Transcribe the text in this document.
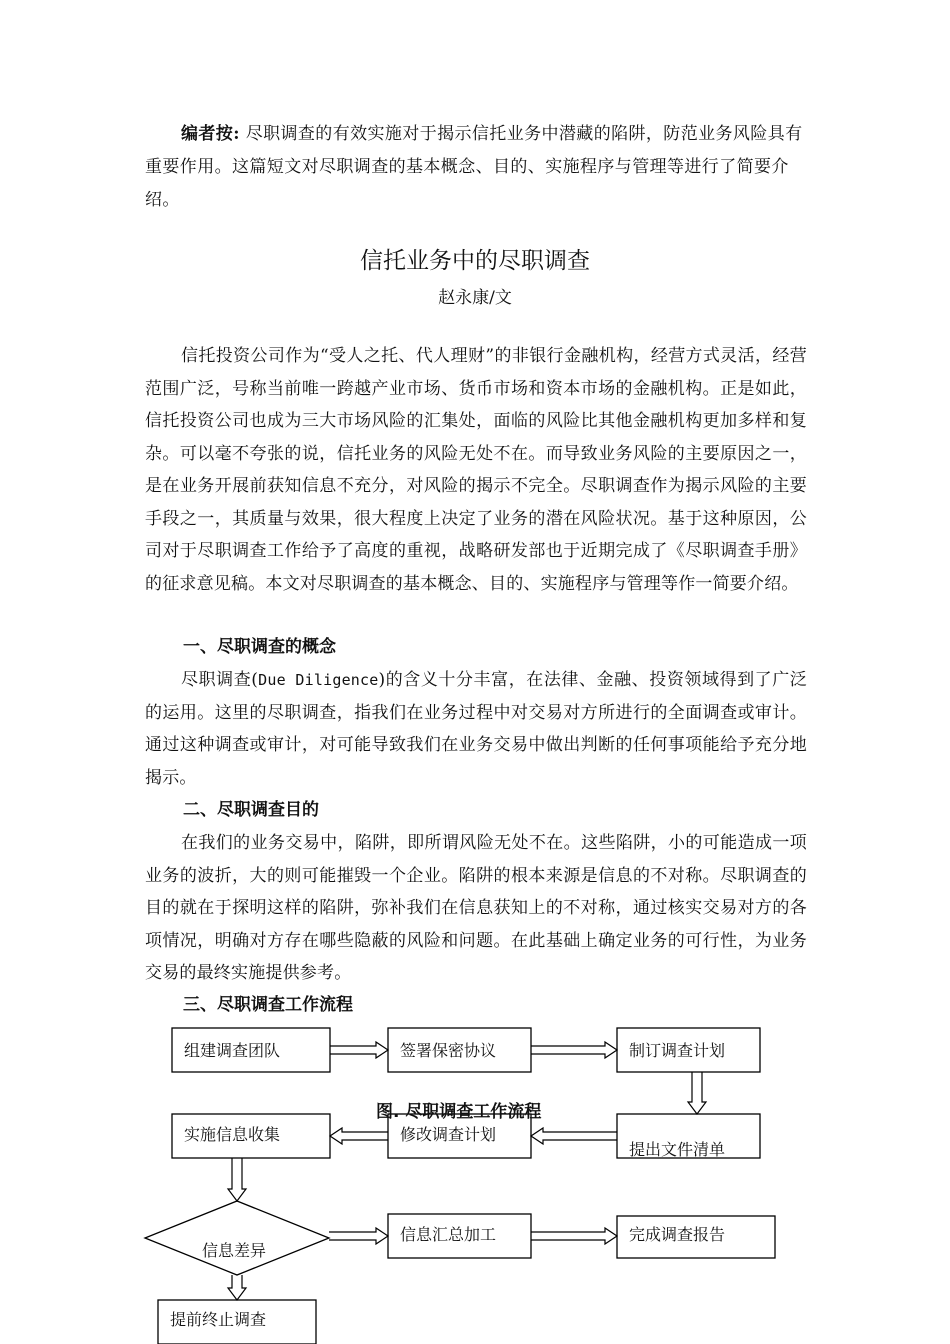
编者按: 尽职调查的有效实施对于揭示信托业务中潜藏的陷阱，防范业务风险具有重要作用。这篇短文对尽职调查的基本概念、目的、实施程序与管理等进行了简要介绍。
信托业务中的尽职调查
赵永康/文
信托投资公司作为“受人之托、代人理财”的非银行金融机构，经营方式灵活，经营范围广泛，号称当前唯一跨越产业市场、货币市场和资本市场的金融机构。正是如此，信托投资公司也成为三大市场风险的汇集处，面临的风险比其他金融机构更加多样和复杂。可以毫不夸张的说，信托业务的风险无处不在。而导致业务风险的主要原因之一，是在业务开展前获知信息不充分，对风险的揭示不完全。尽职调查作为揭示风险的主要手段之一，其质量与效果，很大程度上决定了业务的潜在风险状况。基于这种原因，公司对于尽职调查工作给予了高度的重视，战略研发部也于近期完成了《尽职调查手册》的征求意见稿。本文对尽职调查的基本概念、目的、实施程序与管理等作一简要介绍。
一、尽职调查的概念
尽职调查(Due Diligence)的含义十分丰富，在法律、金融、投资领域得到了广泛的运用。这里的尽职调查，指我们在业务过程中对交易对方所进行的全面调查或审计。通过这种调查或审计，对可能导致我们在业务交易中做出判断的任何事项能给予充分地揭示。
二、尽职调查目的
在我们的业务交易中，陷阱，即所谓风险无处不在。这些陷阱，小的可能造成一项业务的波折，大的则可能摧毁一个企业。陷阱的根本来源是信息的不对称。尽职调查的目的就在于探明这样的陷阱，弥补我们在信息获知上的不对称，通过核实交易对方的各项情况，明确对方存在哪些隐蔽的风险和问题。在此基础上确定业务的可行性，为业务交易的最终实施提供参考。
三、尽职调查工作流程
组建调查团队	签署保密协议	制订调查计划
提出文件清单
修改调查计划
实施信息收集
图. 尽职调查工作流程
信息差异
信息汇总加工	完成调查报告
提前终止调查
